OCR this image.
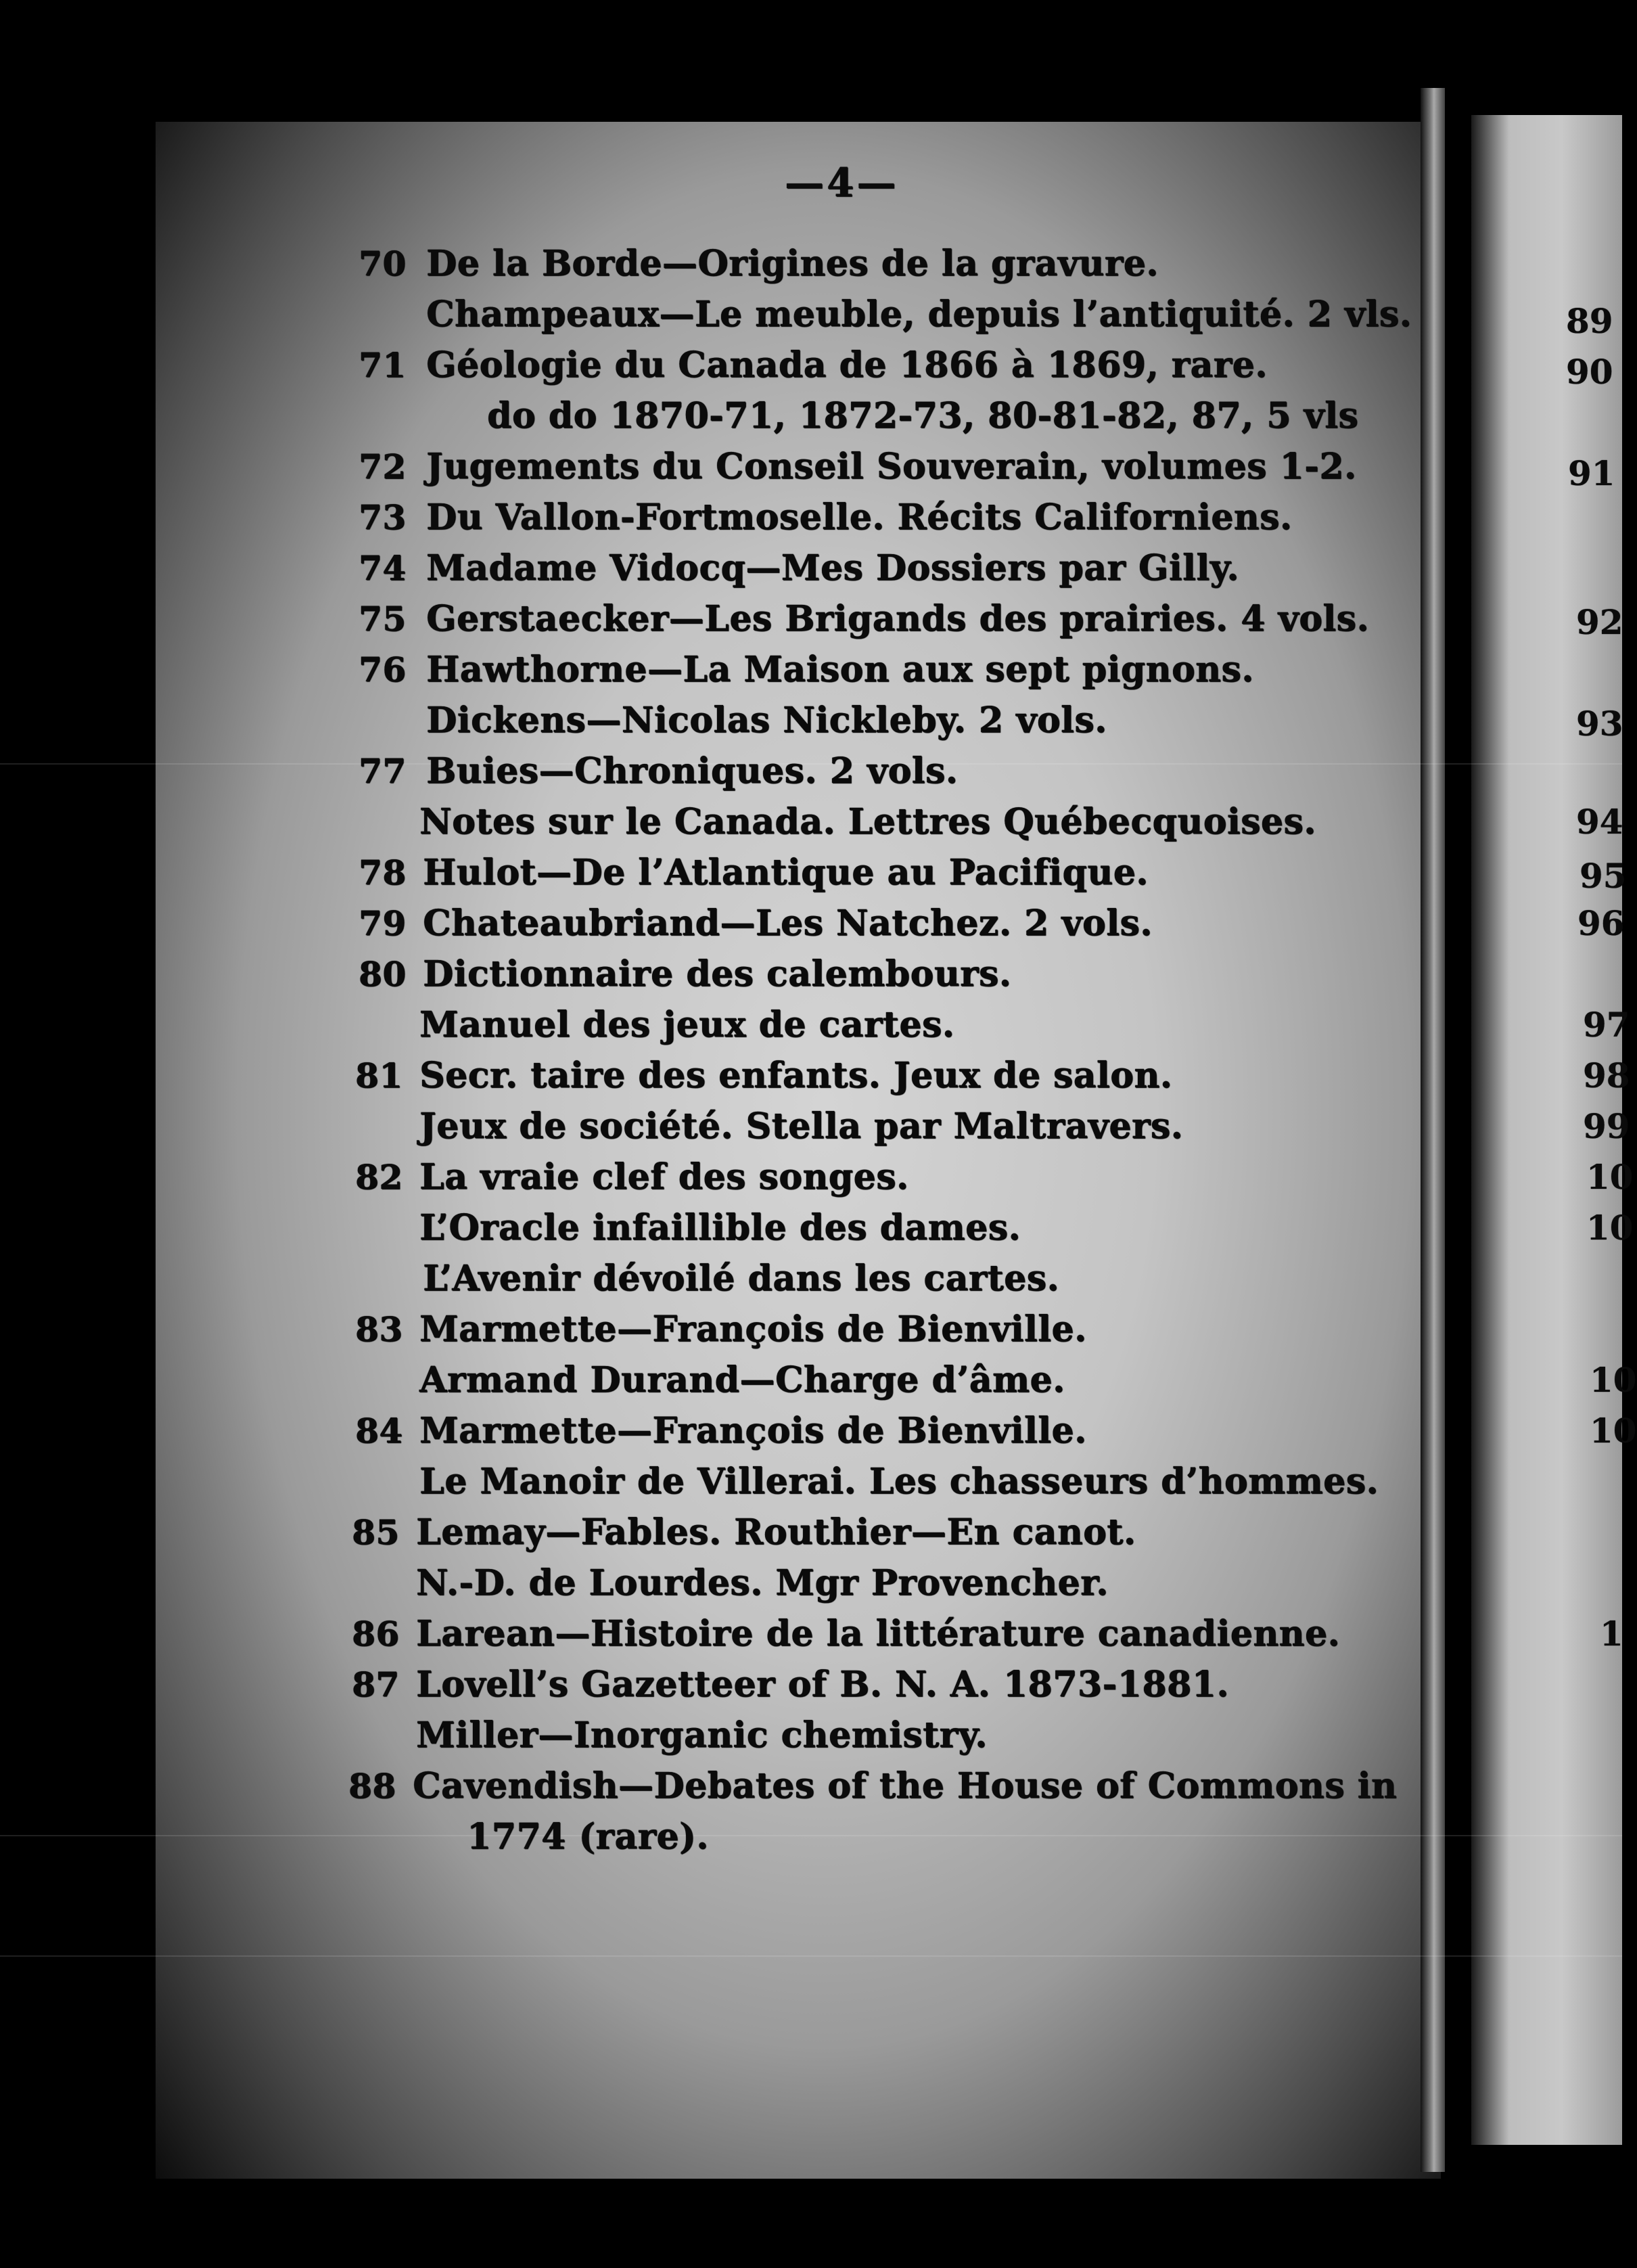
—4—
70 De la Borde—Origines de la gravure.
Champeaux—Le meuble, depuis l’antiquité. 2 vls.
71 Géologie du Canada de 1866 à 1869, rare.
do do 1870-71, 1872-73, 80-81-82, 87, 5 vls
72 Jugements du Conseil Souverain, volumes 1-2.
73 Du Vallon-Fortmoselle. Récits Californiens.
74 Madame Vidocq—Mes Dossiers par Gilly.
75 Gerstaecker—Les Brigands des prairies. 4 vols.
76 Hawthorne—La Maison aux sept pignons.
Dickens—Nicolas Nickleby. 2 vols.
77 Buies—Chroniques. 2 vols.
Notes sur le Canada. Lettres Québecquoises.
78 Hulot—De l’Atlantique au Pacifique.
79 Chateaubriand—Les Natchez. 2 vols.
80 Dictionnaire des calembours.
Manuel des jeux de cartes.
81 Secr. taire des enfants. Jeux de salon.
Jeux de société. Stella par Maltravers.
82 La vraie clef des songes.
L’Oracle infaillible des dames.
L’Avenir dévoilé dans les cartes.
83 Marmette—François de Bienville.
Armand Durand—Charge d’âme.
84 Marmette—François de Bienville.
Le Manoir de Villerai. Les chasseurs d’hommes.
85 Lemay—Fables. Routhier—En canot.
N.-D. de Lourdes. Mgr Provencher.
86 Larean—Histoire de la littérature canadienne.
87 Lovell’s Gazetteer of B. N. A. 1873-1881.
Miller—Inorganic chemistry.
88 Cavendish—Debates of the House of Commons in
1774 (rare).
89
90
91
92
93
94
95
96
97
98
99
10
10
10
10
1
